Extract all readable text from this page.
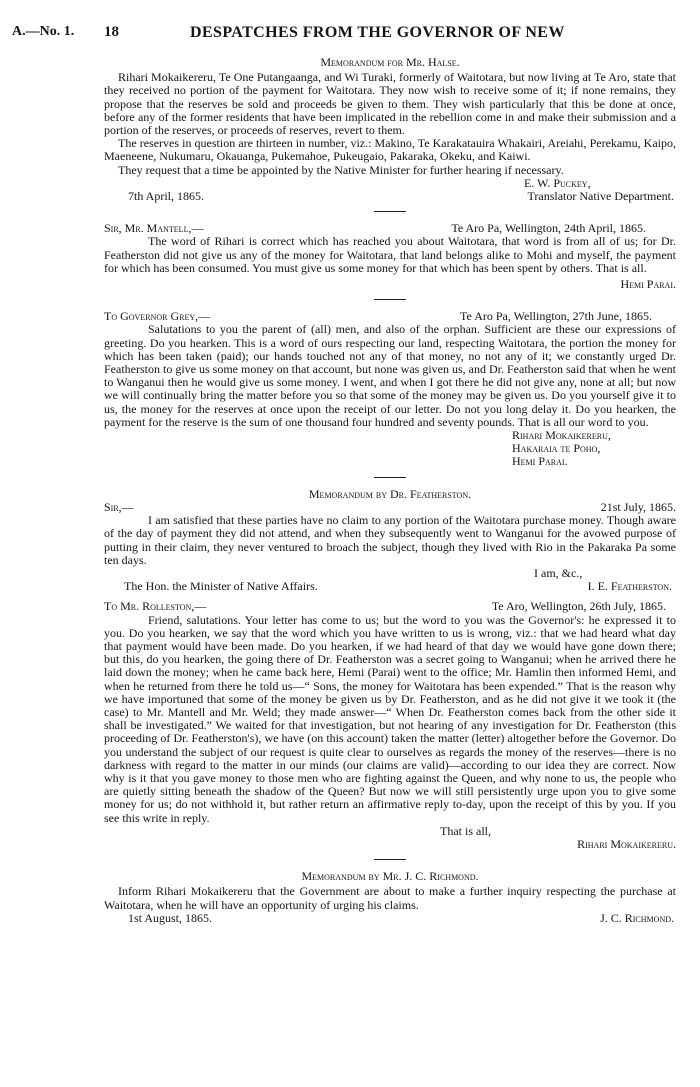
A.—No. 1. 18	DESPATCHES FROM THE GOVERNOR OF NEW

Memorandum for Mr. Halse.

Rihari Mokaikereru, Te One Putangaanga, and Wi Turaki, formerly of Waitotara, but now living at Te Aro, state that they received no portion of the payment for Waitotara. They now wish to receive some of it; if none remains, they propose that the reserves be sold and proceeds be given to them. They wish particularly that this be done at once, before any of the former residents that have been implicated in the rebellion come in and make their submission and a portion of the reserves, or proceeds of reserves, revert to them.

The reserves in question are thirteen in number, viz.: Makino, Te Karakatauira Whakairi, Areiahi, Perekamu, Kaipo, Maeneene, Nukumaru, Okauanga, Pukemahoe, Pukeugaio, Pakaraka, Okeku, and Kaiwi.

They request that a time be appointed by the Native Minister for further hearing if necessary.

E. W. Puckey,

7th April, 1865.	Translator Native Department.
Sir, Mr. Mantell,—	Te Aro Pa, Wellington, 24th April, 1865.

The word of Rihari is correct which has reached you about Waitotara, that word is from all of us; for Dr. Featherston did not give us any of the money for Waitotara, that land belongs alike to Mohi and myself, the payment for which has been consumed. You must give us some money for that which has been spent by others. That is all.

Hemi Parai.

To Governor Grey,—	Te Aro Pa, Wellington, 27th June, 1865.

Salutations to you the parent of (all) men, and also of the orphan. Sufficient are these our expressions of greeting. Do you hearken. This is a word of ours respecting our land, respecting Waitotara, the portion the money for which has been taken (paid); our hands touched not any of that money, no not any of it; we constantly urged Dr. Featherston to give us some money on that account, but none was given us, and Dr. Featherston said that when he went to Wanganui then he would give us some money. I went, and when I got there he did not give any, none at all; but now we will continually bring the matter before you so that some of the money may be given us. Do you yourself give it to us, the money for the reserves at once upon the receipt of our letter. Do not you long delay it. Do you hearken, the payment for the reserve is the sum of one thousand four hundred and seventy pounds. That is all our word to you.

Rihari Mokaikereru,
Hakaraia te Poho,
Hemi Parai.

Memorandum by Dr. Featherston.

Sir,—	21st July, 1865.

I am satisfied that these parties have no claim to any portion of the Waitotara purchase money. Though aware of the day of payment they did not attend, and when they subsequently went to Wanganui for the avowed purpose of putting in their claim, they never ventured to broach the subject, though they lived with Rio in the Pakaraka Pa some ten days.

I am, &c.,

The Hon. the Minister of Native Affairs.	I. E. Featherston.
To Mr. Rolleston,—	Te Aro, Wellington, 26th July, 1865.

Friend, salutations. Your letter has come to us; but the word to you was the Governor's: he expressed it to you. Do you hearken, we say that the word which you have written to us is wrong, viz.: that we had heard what day that payment would have been made. Do you hearken, if we had heard of that day we would have gone down there; but this, do you hearken, the going there of Dr. Featherston was a secret going to Wanganui; when he arrived there he laid down the money; when he came back here, Hemi (Parai) went to the office; Mr. Hamlin then informed Hemi, and when he returned from there he told us—“ Sons, the money for Waitotara has been expended.” That is the reason why we have importuned that some of the money be given us by Dr. Featherston, and as he did not give it we took it (the case) to Mr. Mantell and Mr. Weld; they made answer—“ When Dr. Featherston comes back from the other side it shall be investigated.” We waited for that investigation, but not hearing of any investigation for Dr. Featherston (this proceeding of Dr. Featherston's), we have (on this account) taken the matter (letter) altogether before the Governor. Do you understand the subject of our request is quite clear to ourselves as regards the money of the reserves—there is no darkness with regard to the matter in our minds (our claims are valid)—according to our idea they are correct. Now why is it that you gave money to those men who are fighting against the Queen, and why none to us, the people who are quietly sitting beneath the shadow of the Queen? But now we will still persistently urge upon you to give some money for us; do not withhold it, but rather return an affirmative reply to-day, upon the receipt of this by you. If you see this write in reply.

That is all,

Rihari Mokaikereru.

Memorandum by Mr. J. C. Richmond.

Inform Rihari Mokaikereru that the Government are about to make a further inquiry respecting the purchase at Waitotara, when he will have an opportunity of urging his claims.

1st August, 1865.	J. C. Richmond.
